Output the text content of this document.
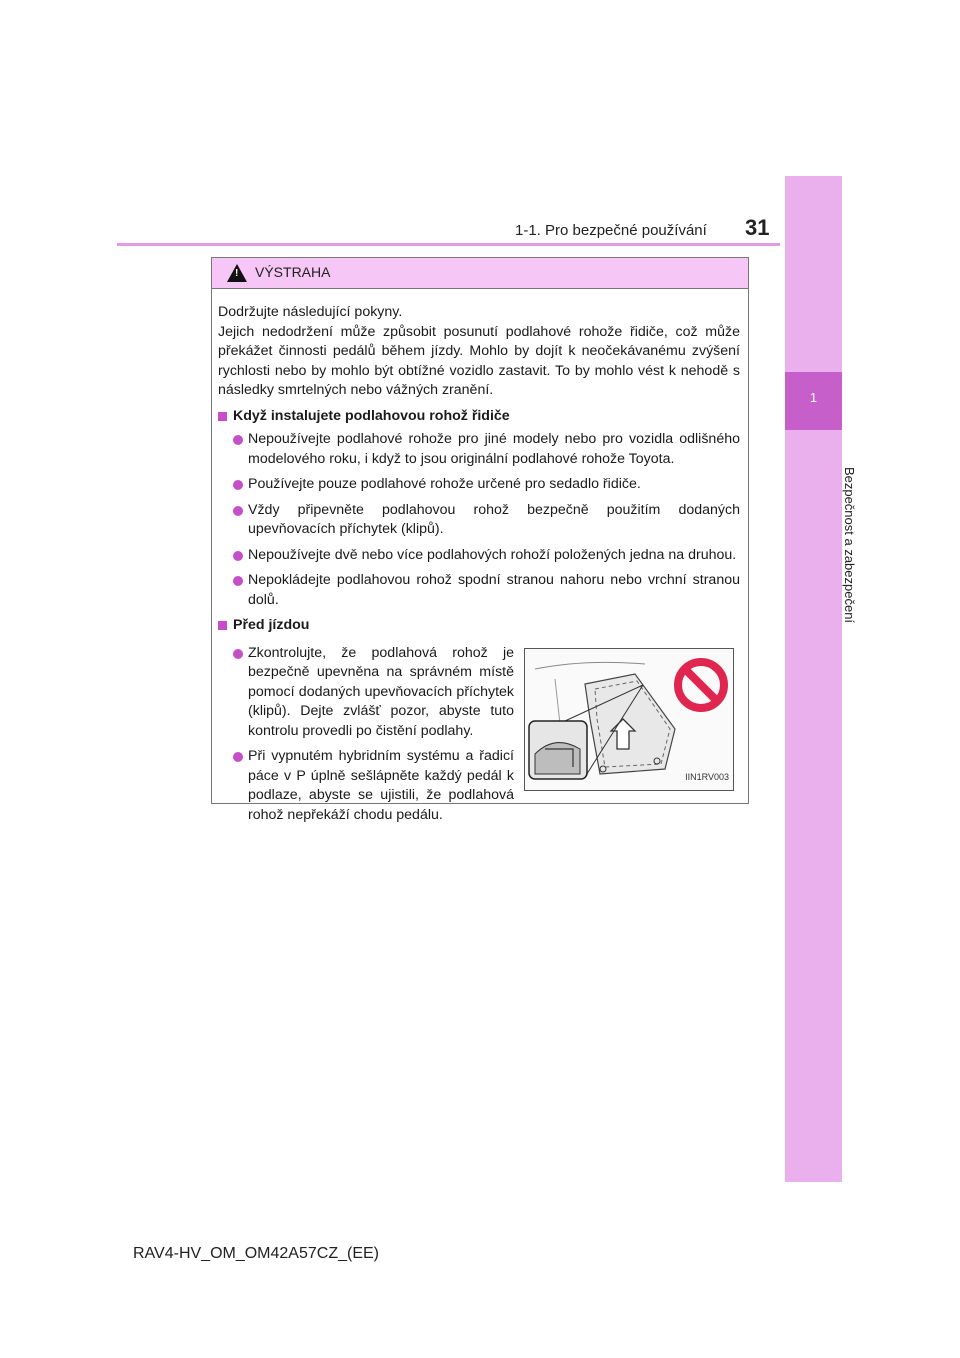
1
Bezpečnost a zabezpečení
1-1. Pro bezpečné používání 31
! VÝSTRAHA
Dodržujte následující pokyny.
Jejich nedodržení může způsobit posunutí podlahové rohože řidiče, což může překážet činnosti pedálů během jízdy. Mohlo by dojít k neočekávanému zvýšení rychlosti nebo by mohlo být obtížné vozidlo zastavit. To by mohlo vést k nehodě s následky smrtelných nebo vážných zranění.
Když instalujete podlahovou rohož řidiče
Nepoužívejte podlahové rohože pro jiné modely nebo pro vozidla odlišného modelového roku, i když to jsou originální podlahové rohože Toyota.
Používejte pouze podlahové rohože určené pro sedadlo řidiče.
Vždy připevněte podlahovou rohož bezpečně použitím dodaných upevňovacích příchytek (klipů).
Nepoužívejte dvě nebo více podlahových rohoží položených jedna na druhou.
Nepokládejte podlahovou rohož spodní stranou nahoru nebo vrchní stranou dolů.
Před jízdou
Zkontrolujte, že podlahová rohož je bezpečně upevněna na správném místě pomocí dodaných upevňovacích příchytek (klipů). Dejte zvlášť pozor, abyste tuto kontrolu provedli po čistění podlahy.
Při vypnutém hybridním systému a řadicí páce v P úplně sešlápněte každý pedál k podlaze, abyste se ujistili, že podlahová rohož nepřekáží chodu pedálu.
IIN1RV003
RAV4-HV_OM_OM42A57CZ_(EE)
